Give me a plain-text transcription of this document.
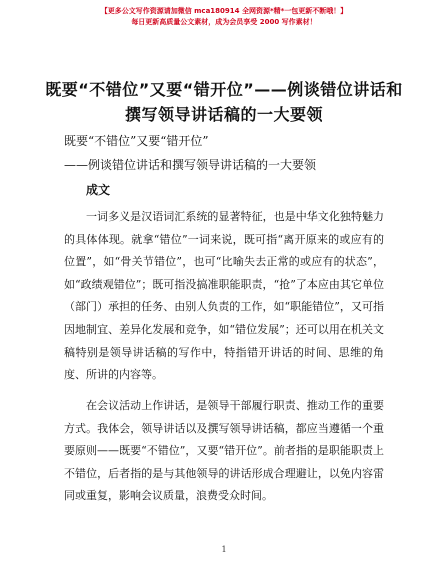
【更多公文写作资源请加微信 mca180914 全网资源*精*一包更新不断哦！】
每日更新高质量公文素材，成为会员享受 2000 写作素材！
既要“不错位”又要“错开位”——例谈错位讲话和撰写领导讲话稿的一大要领
既要“不错位”又要“错开位”
——例谈错位讲话和撰写领导讲话稿的一大要领
成文

一词多义是汉语词汇系统的显著特征，也是中华文化独特魅力的具体体现。就拿“错位”一词来说，既可指“离开原来的或应有的位置”，如“骨关节错位”，也可“比喻失去正常的或应有的状态”，如“政绩观错位”；既可指没搞准职能职责，“抢”了本应由其它单位（部门）承担的任务、由别人负责的工作，如“职能错位”，又可指因地制宜、差异化发展和竞争，如“错位发展”；还可以用在机关文稿特别是领导讲话稿的写作中，特指错开讲话的时间、思维的角度、所讲的内容等。

在会议活动上作讲话，是领导干部履行职责、推动工作的重要方式。我体会，领导讲话以及撰写领导讲话稿，都应当遵循一个重要原则——既要“不错位”，又要“错开位”。前者指的是职能职责上不错位，后者指的是与其他领导的讲话形成合理避让，以免内容雷同或重复，影响会议质量，浪费受众时间。

1
